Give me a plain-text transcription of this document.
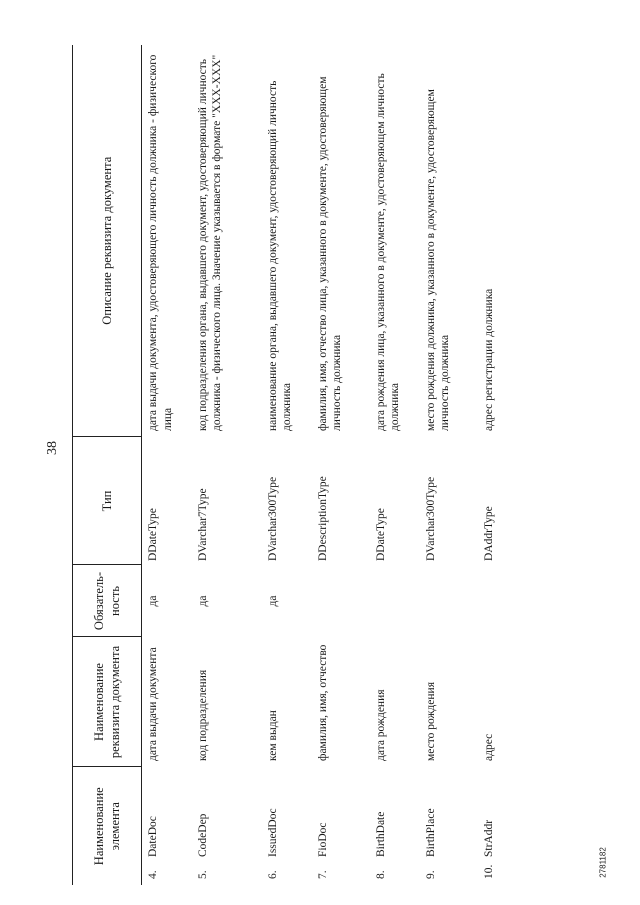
38
2781182
Наименование элемента	Наименование реквизита документа	Обязатель-ность	Тип	Описание реквизита документа
4.DateDoc	дата выдачи документа	да	DDateType	дата выдачи документа, удостоверяющего личность должника - физического лица
5.CodeDep	код подразделения	да	DVarchar7Type	код подразделения органа, выдавшего документ, удостоверяющий личность должника - физического лица. Значение указывается в формате "XXX-XXX"
6.IssuedDoc	кем выдан	да	DVarchar300Type	наименование органа, выдавшего документ, удостоверяющий личность должника
7.FioDoc	фамилия, имя, отчество		DDescriptionType	фамилия, имя, отчество лица, указанного в документе, удостоверяющем личность должника
8.BirthDate	дата рождения		DDateType	дата рождения лица, указанного в документе, удостоверяющем личность должника
9.BirthPlace	место рождения		DVarchar300Type	место рождения должника, указанного в документе, удостоверяющем личность должника
10.StrAddr	адрес		DAddrType	адрес регистрации должника
